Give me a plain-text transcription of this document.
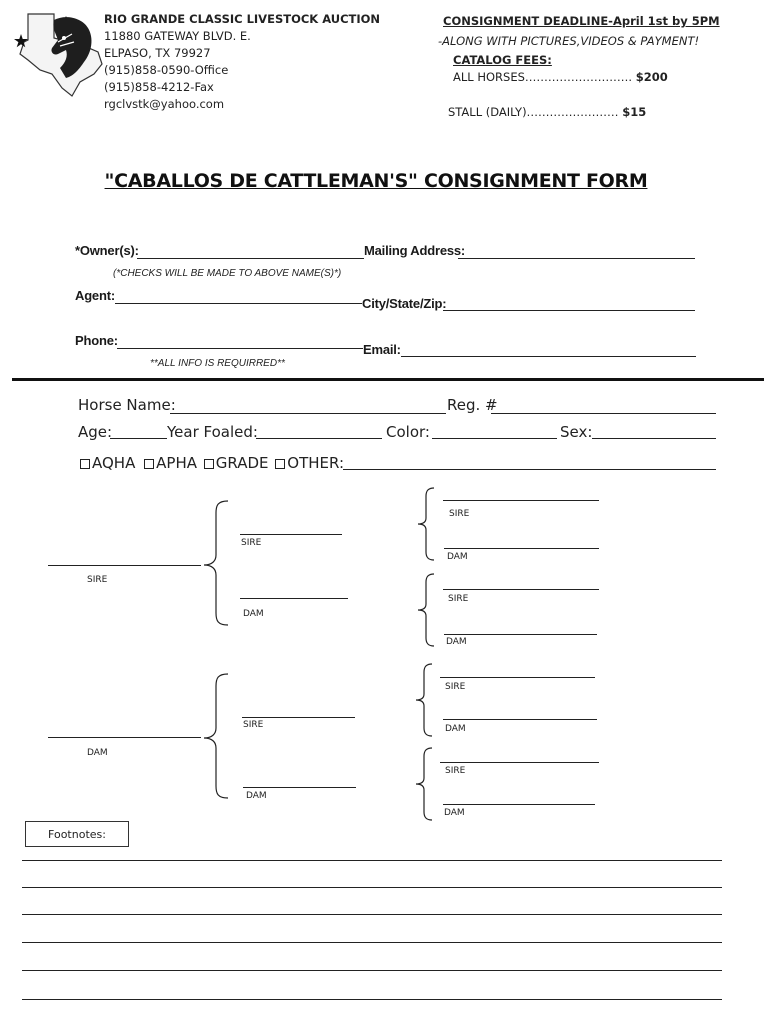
RIO GRANDE CLASSIC LIVESTOCK AUCTION
11880 GATEWAY BLVD. E.
ELPASO, TX 79927
(915)858-0590-Office
(915)858-4212-Fax
rgclvstk@yahoo.com
CONSIGNMENT DEADLINE-April 1st by 5PM
-ALONG WITH PICTURES,VIDEOS & PAYMENT!
CATALOG FEES:
ALL HORSES………………………. $200
STALL (DAILY)…………………… $15
"CABALLOS DE CATTLEMAN'S" CONSIGNMENT FORM
*Owner(s):	Mailing Address:
(*CHECKS WILL BE MADE TO ABOVE NAME(S)*)
Agent:
City/State/Zip:
Phone:
Email:
**ALL INFO IS REQUIRRED**
Horse Name:	Reg. #
Age:	Year Foaled:	Color:	Sex:
AQHA APHA GRADE OTHER:
SIRE
DAM
SIRE
DAM
SIRE
DAM
SIRE
DAM
SIRE
DAM
SIRE
DAM
SIRE
DAM
Footnotes:
